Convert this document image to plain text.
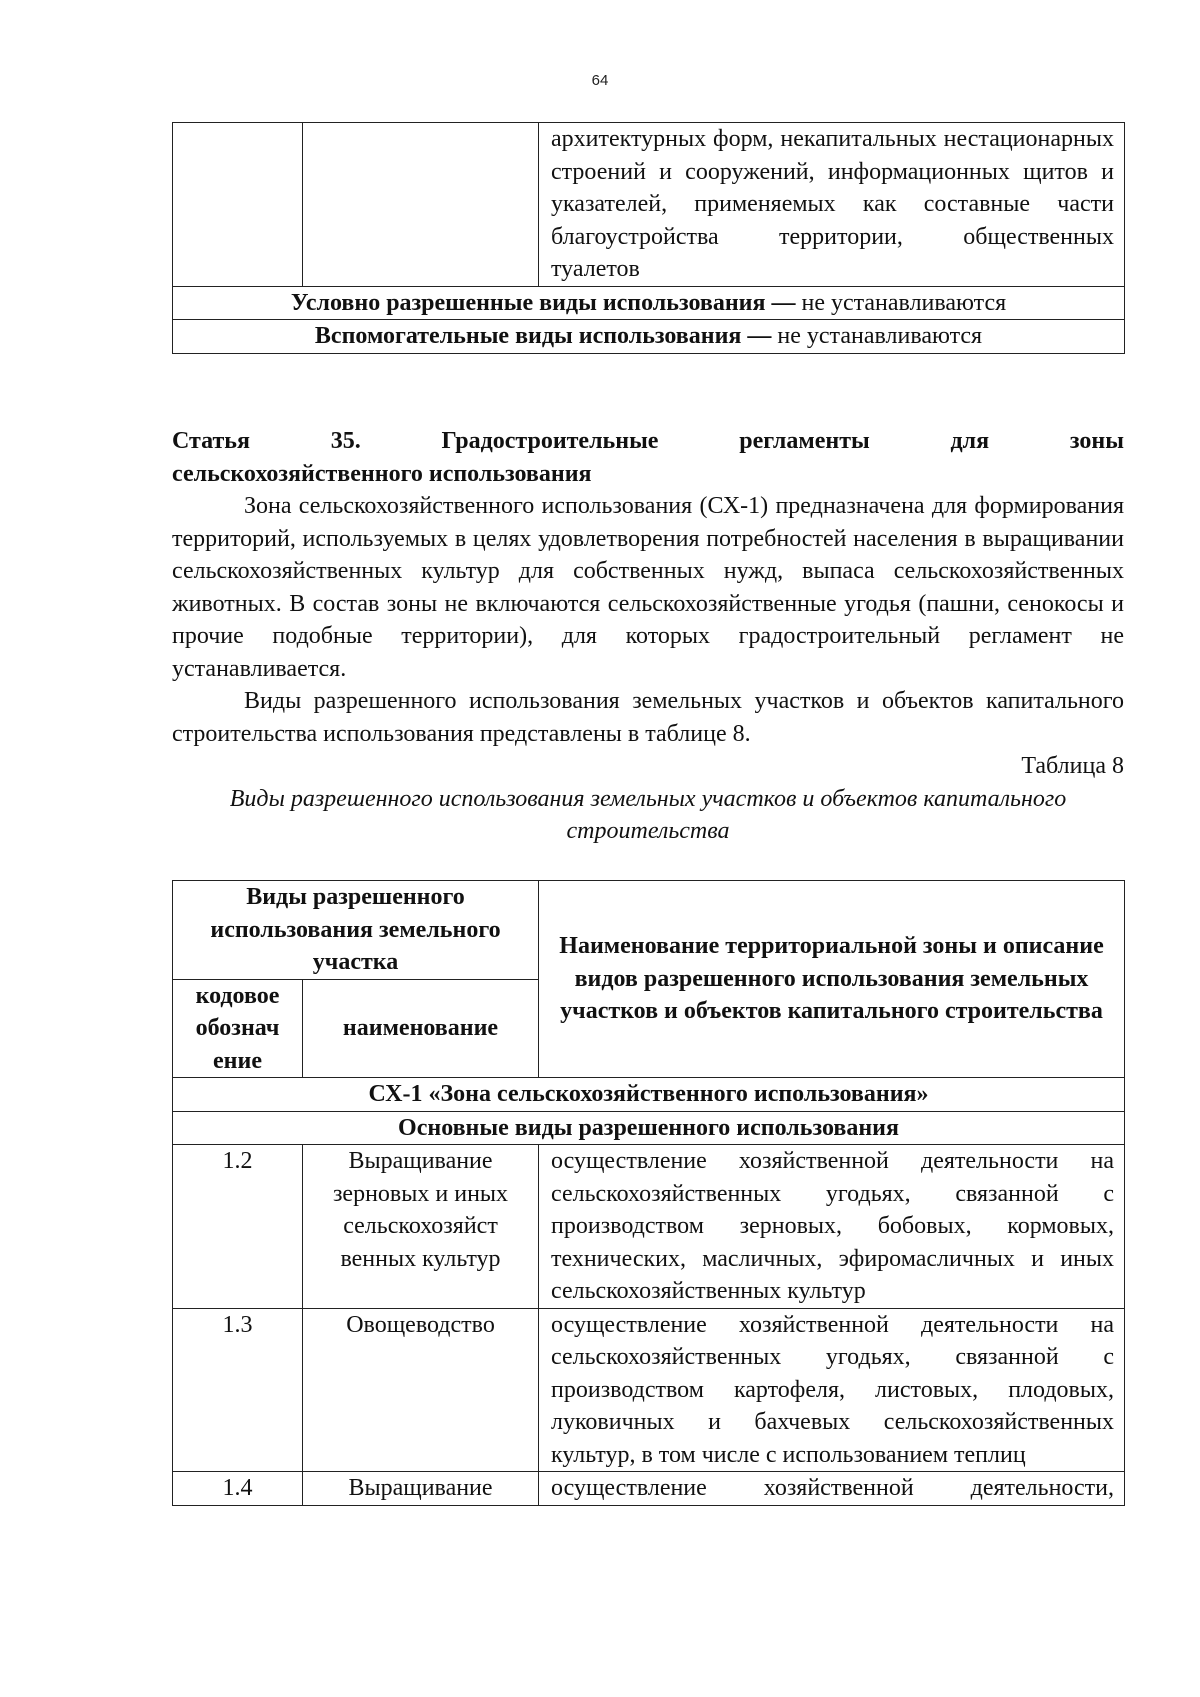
64

архитектурных форм, некапитальных нестационарных строений и сооружений, информационных щитов и указателей, применяемых как составные части благоустройства территории, общественных
туалетов

Условно разрешенные виды использования — не устанавливаются
Вспомогательные виды использования — не устанавливаются
Статья	35.	Градостроительные	регламенты	для	зоны
сельскохозяйственного использования

Зона сельскохозяйственного использования (СХ-1) предназначена для формирования территорий, используемых в целях удовлетворения потребностей населения в выращивании сельскохозяйственных культур для собственных нужд, выпаса сельскохозяйственных животных. В состав зоны не включаются сельскохозяйственные угодья (пашни, сенокосы и прочие подобные территории), для которых градостроительный регламент не устанавливается.

Виды разрешенного использования земельных участков и объектов капитального строительства использования представлены в таблице 8.

Таблица 8

Виды разрешенного использования земельных участков и объектов капитального строительства

Виды разрешенного использования земельного участка		Наименование территориальной зоны и описание видов разрешенного использования земельных участков и объектов капитального строительства
кодовое обознач ение	наименование	
СХ-1 «Зона сельскохозяйственного использования»		
Основные виды разрешенного использования		
1.2	Выращивание зерновых и иных сельскохозяйст венных культур	осуществление хозяйственной деятельности на сельскохозяйственных угодьях, связанной с производством зерновых, бобовых, кормовых, технических, масличных, эфиромасличных и иных сельскохозяйственных культур
1.3	Овощеводство	осуществление хозяйственной деятельности на сельскохозяйственных угодьях, связанной с производством картофеля, листовых, плодовых, луковичных и бахчевых сельскохозяйственных культур, в том числе с использованием теплиц
1.4	Выращивание	осуществление хозяйственной деятельности,
